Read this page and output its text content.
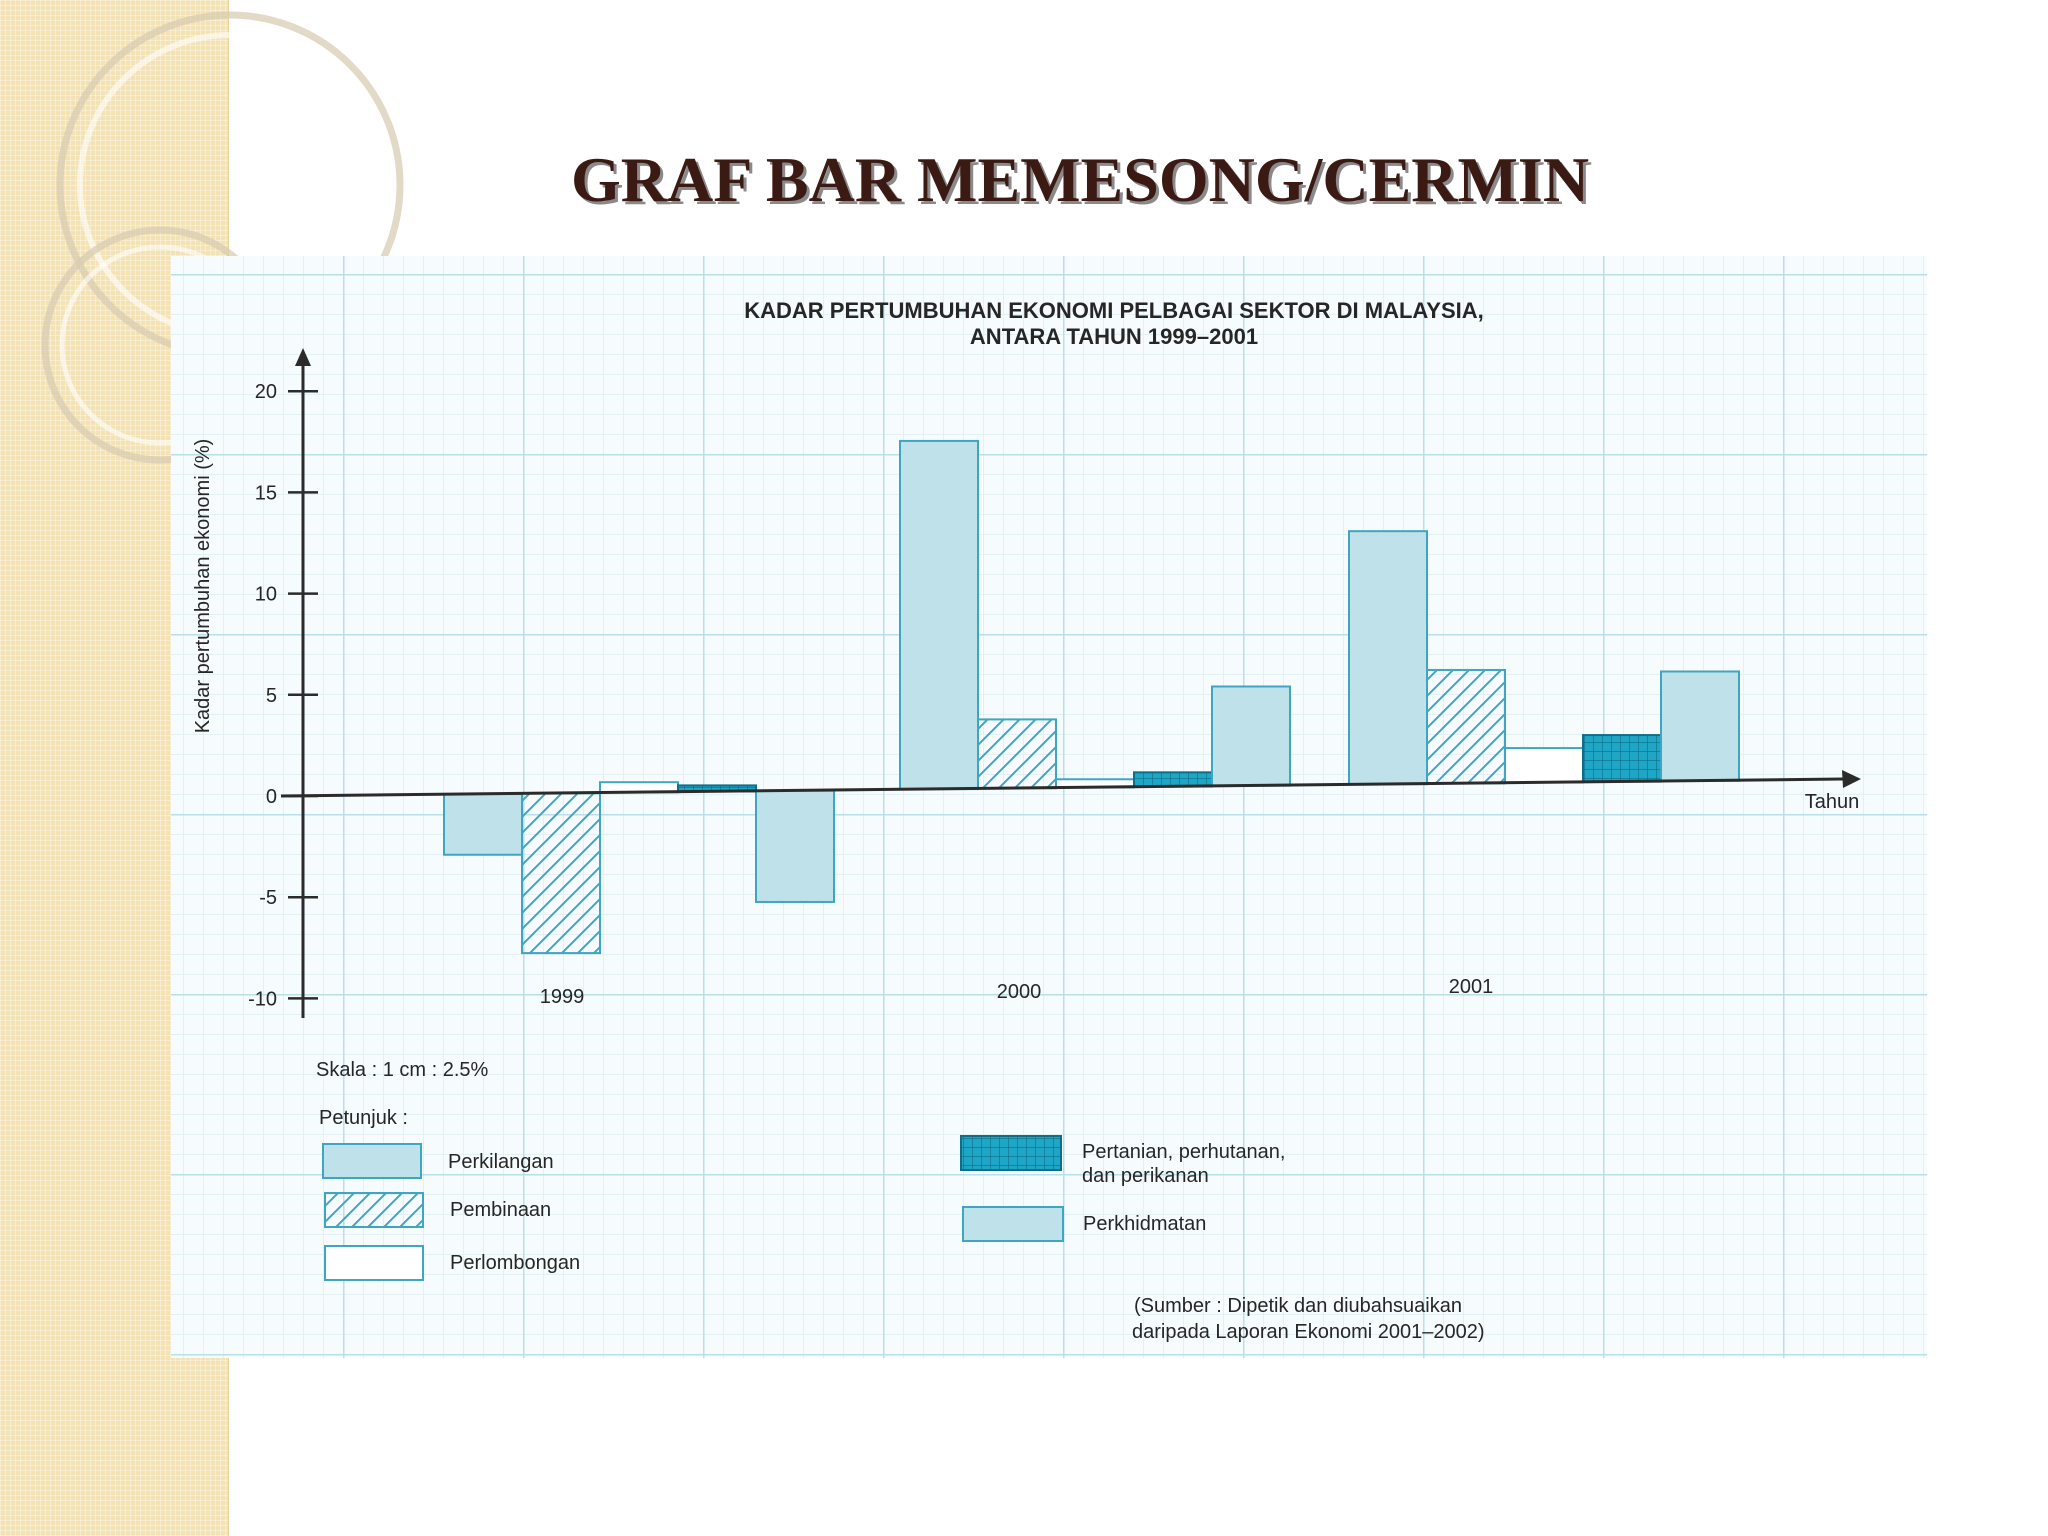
GRAF BAR MEMESONG/CERMIN
KADAR PERTUMBUHAN EKONOMI PELBAGAI SEKTOR DI MALAYSIA,
ANTARA TAHUN 1999–2001
20
15
10
5
0
-5
-10
Kadar pertumbuhan ekonomi (%)
Tahun
1999	2000	2001
Skala : 1 cm : 2.5%
Petunjuk :
Perkilangan
Pembinaan
Perlombongan
Pertanian, perhutanan,
dan perikanan
Perkhidmatan
(Sumber : Dipetik dan diubahsuaikan
daripada Laporan Ekonomi 2001–2002)
